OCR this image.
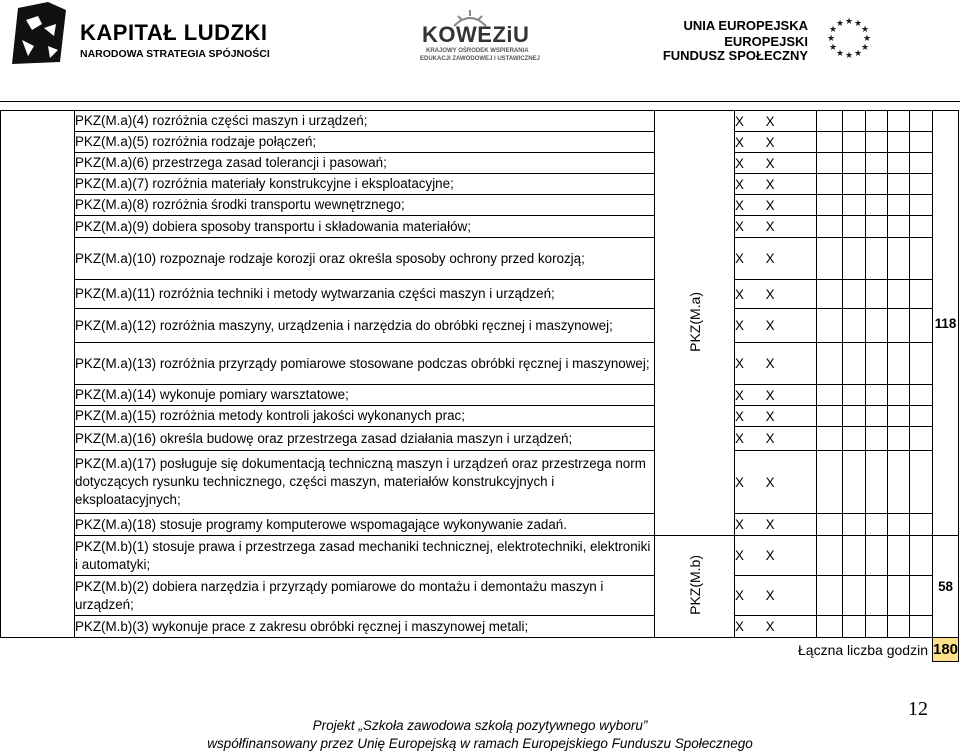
KAPITAŁ LUDZKI
NARODOWA STRATEGIA SPÓJNOŚCI
KOWEZiU
KRAJOWY OŚRODEK WSPIERANIA
EDUKACJI ZAWODOWEJ I USTAWICZNEJ
UNIA EUROPEJSKA
EUROPEJSKI
FUNDUSZ SPOŁECZNY
★ ★
★
★
★
★
★
★
★
★
★
★
	PKZ(M.a)(4) rozróżnia części maszyn i urządzeń;	PKZ(M.a)	X X						118
	PKZ(M.a)(5) rozróżnia rodzaje połączeń;		X X						
	PKZ(M.a)(6) przestrzega zasad tolerancji i pasowań;		X X						
	PKZ(M.a)(7) rozróżnia materiały konstrukcyjne i eksploatacyjne;		X X						
	PKZ(M.a)(8) rozróżnia środki transportu wewnętrznego;		X X						
	PKZ(M.a)(9) dobiera sposoby transportu i składowania materiałów;		X X						
	PKZ(M.a)(10) rozpoznaje rodzaje korozji oraz określa sposoby ochrony przed korozją;		X X						
	PKZ(M.a)(11) rozróżnia techniki i metody wytwarzania części maszyn i urządzeń;		X X						
	PKZ(M.a)(12) rozróżnia maszyny, urządzenia i narzędzia do obróbki ręcznej i maszynowej;		X X						
	PKZ(M.a)(13) rozróżnia przyrządy pomiarowe stosowane podczas obróbki ręcznej i maszynowej;		X X						
	PKZ(M.a)(14) wykonuje pomiary warsztatowe;		X X						
	PKZ(M.a)(15) rozróżnia metody kontroli jakości wykonanych prac;		X X						
	PKZ(M.a)(16) określa budowę oraz przestrzega zasad działania maszyn i urządzeń;		X X						
	PKZ(M.a)(17) posługuje się dokumentacją techniczną maszyn i urządzeń oraz przestrzega norm dotyczących rysunku technicznego, części maszyn, materiałów konstrukcyjnych i eksploatacyjnych;		X X						
	PKZ(M.a)(18) stosuje programy komputerowe wspomagające wykonywanie zadań.		X X						
	PKZ(M.b)(1) stosuje prawa i przestrzega zasad mechaniki technicznej, elektrotechniki, elektroniki i automatyki;	PKZ(M.b)	X X						58
	PKZ(M.b)(2) dobiera narzędzia i przyrządy pomiarowe do montażu i demontażu maszyn i urządzeń;		X X						
	PKZ(M.b)(3) wykonuje prace z zakresu obróbki ręcznej i maszynowej metali;		X X						
	Łączna liczba godzin								180
12
Projekt „Szkoła zawodowa szkołą pozytywnego wyboru”
współfinansowany przez Unię Europejską w ramach Europejskiego Funduszu Społecznego
